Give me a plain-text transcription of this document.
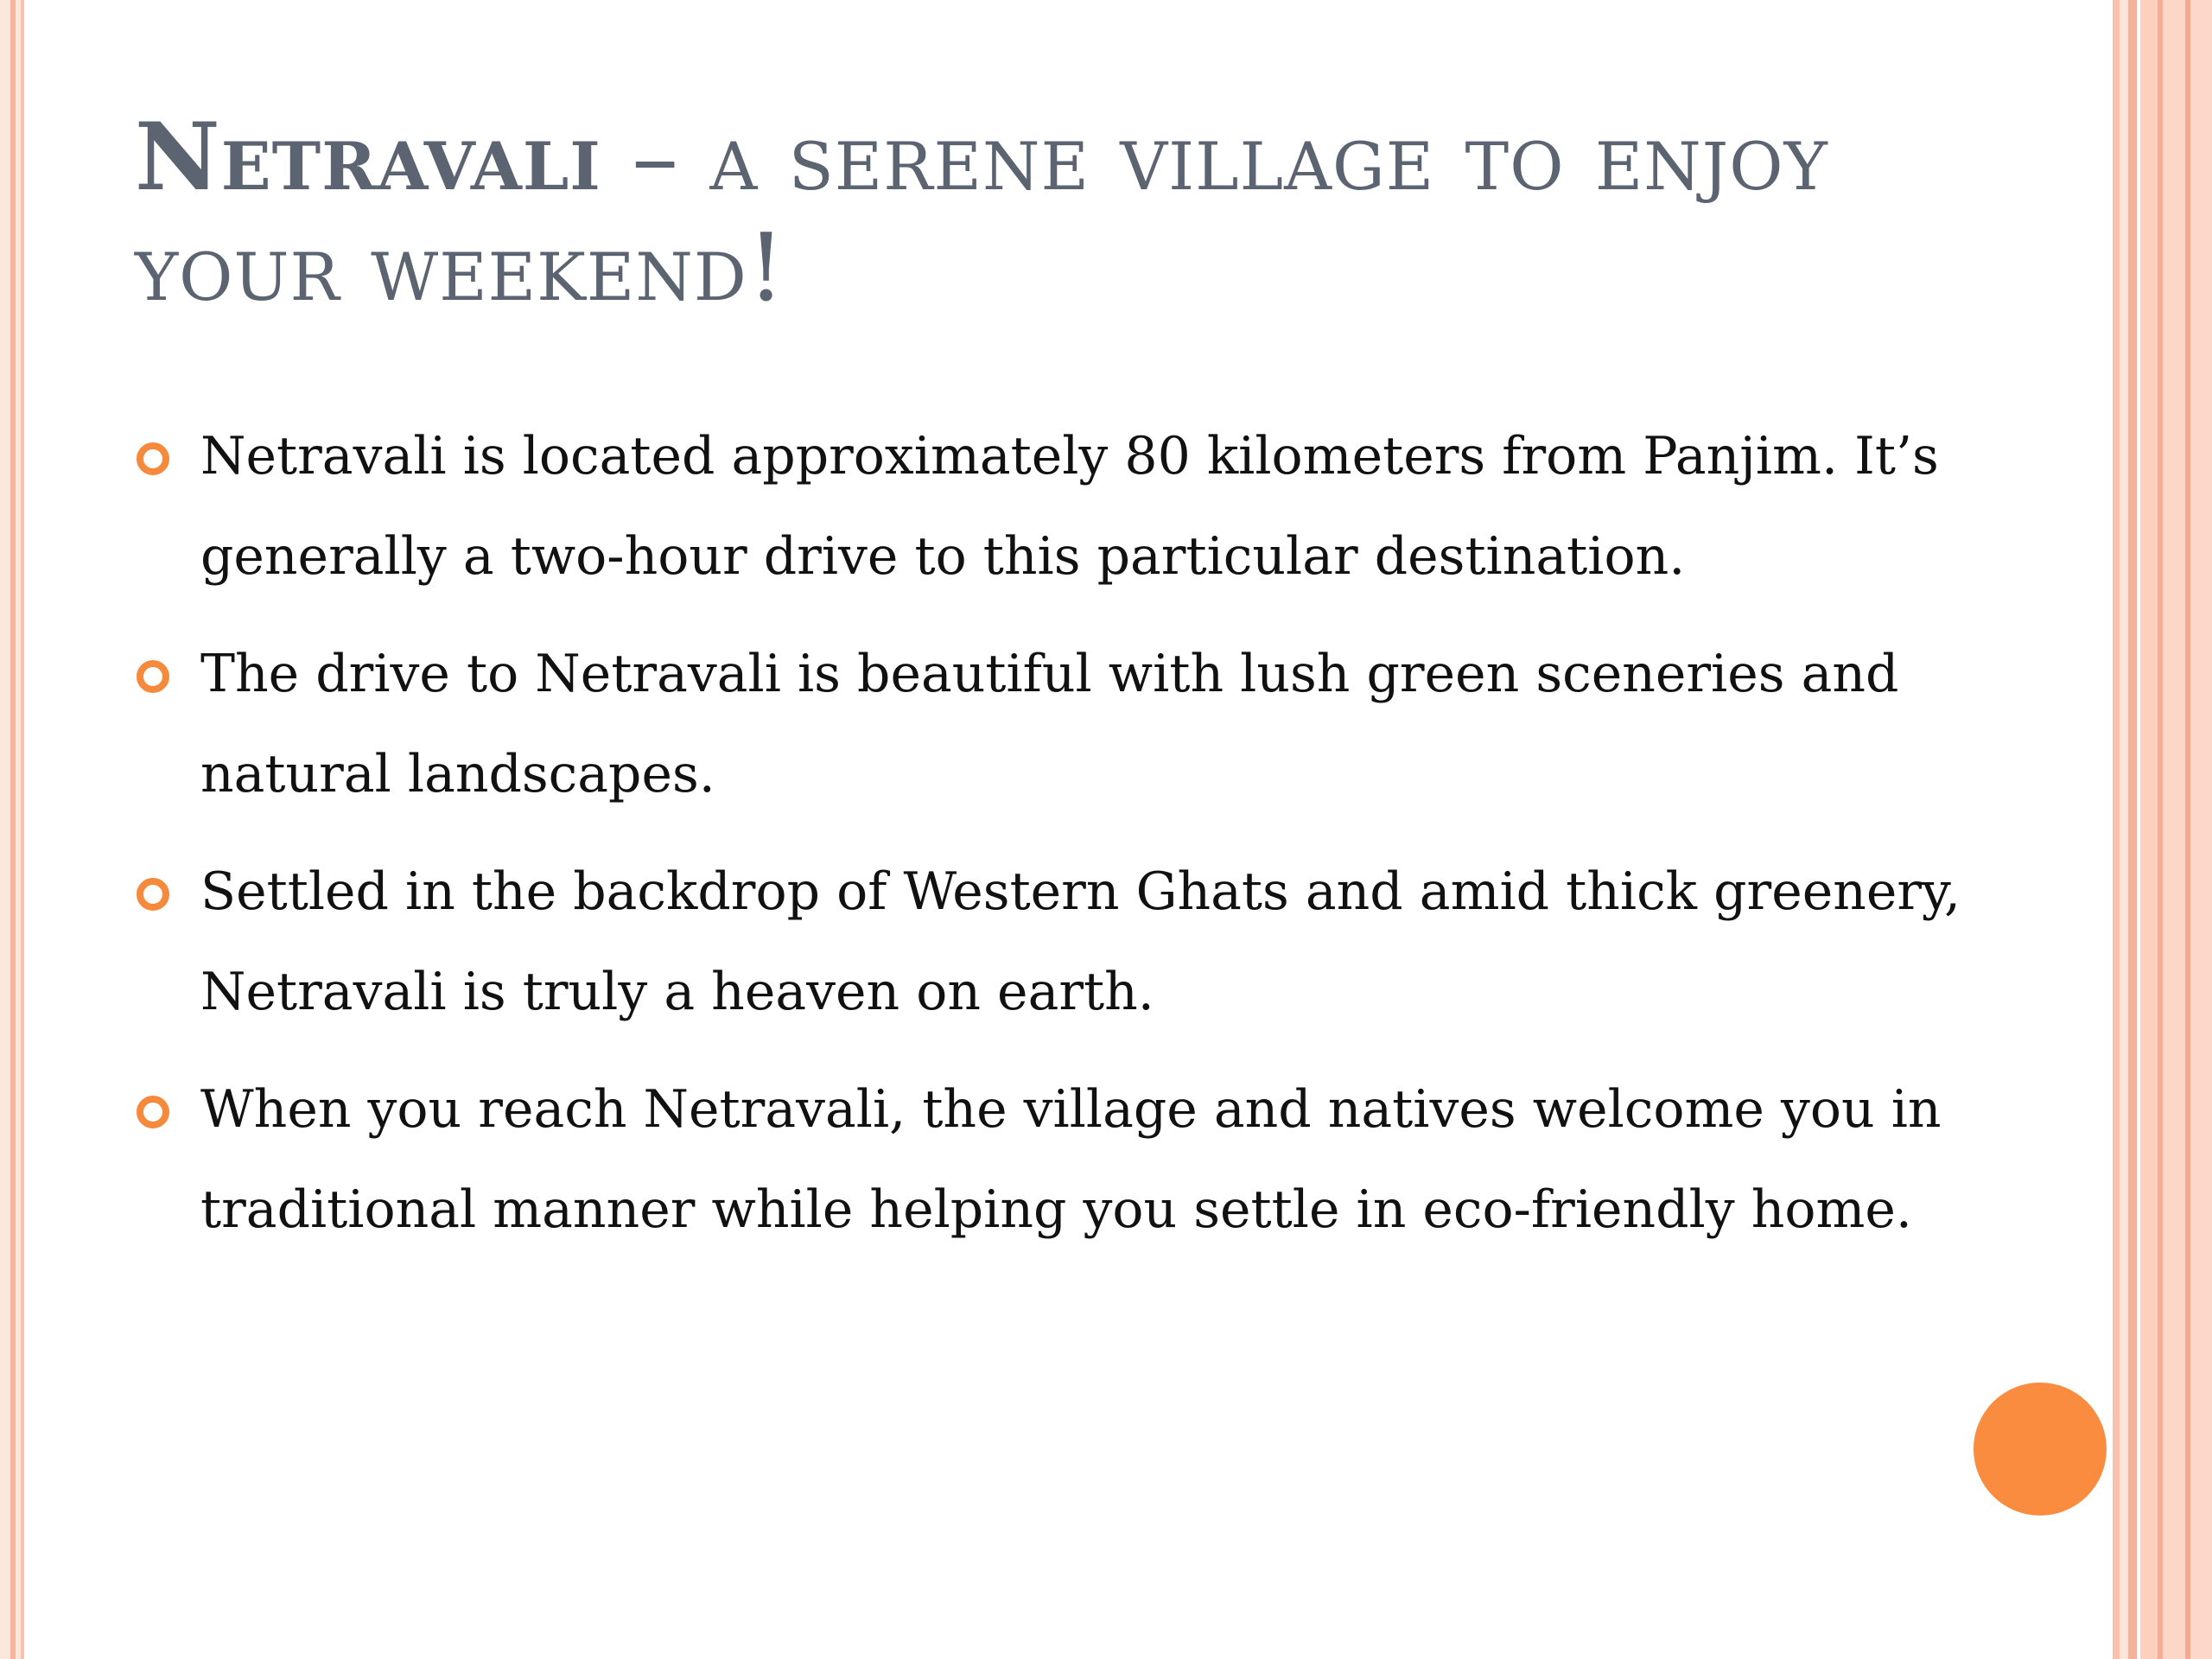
Netravali – a serene village to enjoy your weekend!
Netravali is located approximately 80 kilometers from Panjim. It’s generally a two-hour drive to this particular destination.
The drive to Netravali is beautiful with lush green sceneries and natural landscapes.
Settled in the backdrop of Western Ghats and amid thick greenery, Netravali is truly a heaven on earth.
When you reach Netravali, the village and natives welcome you in traditional manner while helping you settle in eco-friendly home.
